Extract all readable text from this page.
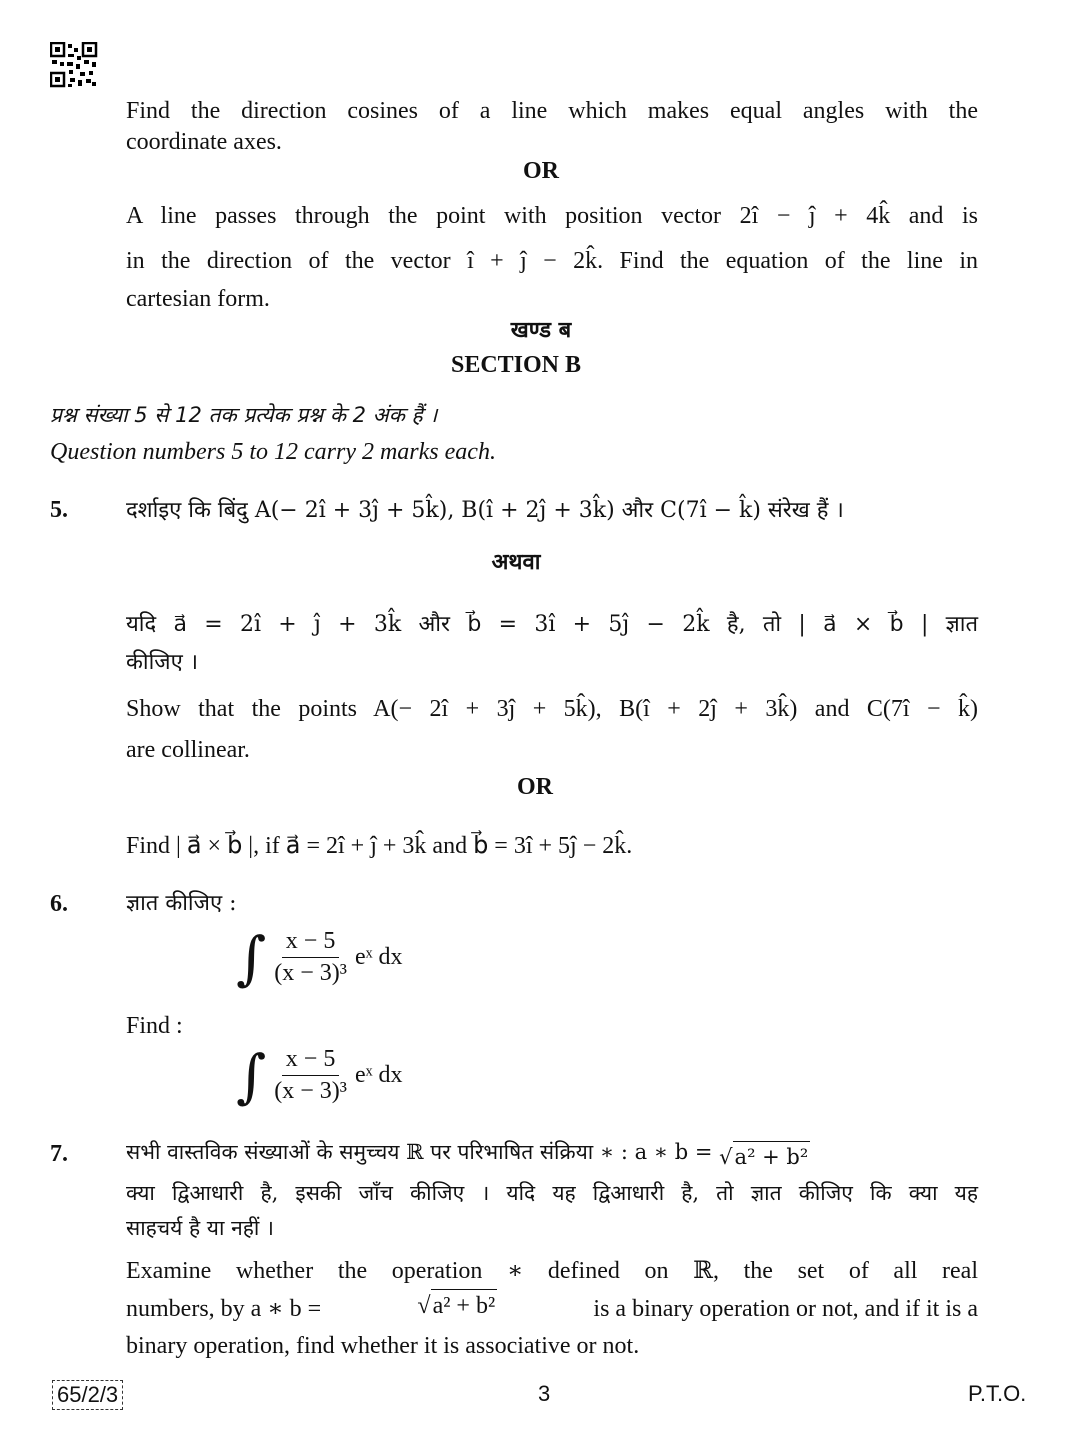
Find the direction cosines of a line which makes equal angles with the
coordinate axes.
OR
A line passes through the point with position vector 2î − ĵ + 4k̂ and is
in the direction of the vector î + ĵ − 2k̂. Find the equation of the line in
cartesian form.
खण्ड ब
SECTION B
प्रश्न संख्या 5 से 12 तक प्रत्येक प्रश्न के 2 अंक हैं ।
Question numbers 5 to 12 carry 2 marks each.
5.	दर्शाइए कि बिंदु A(− 2î + 3ĵ + 5k̂), B(î + 2ĵ + 3k̂) और C(7î − k̂) संरेख हैं ।
अथवा
यदि a⃗ = 2î + ĵ + 3k̂ और b⃗ = 3î + 5ĵ − 2k̂ है, तो | a⃗ × b⃗ | ज्ञात
कीजिए ।
Show that the points A(− 2î + 3ĵ + 5k̂), B(î + 2ĵ + 3k̂) and C(7î − k̂)
are collinear.
OR
Find | a⃗ × b⃗ |, if a⃗ = 2î + ĵ + 3k̂ and b⃗ = 3î + 5ĵ − 2k̂.
6.	ज्ञात कीजिए :
∫ $\frac{x - 5}{\text{(x − 3)³}}$ eˣ dx
Find :
∫ $\frac{x - 5}{\text{(x − 3)³}}$ eˣ dx
7.	सभी वास्तविक संख्याओं के समुच्चय ℝ पर परिभाषित संक्रिया ∗ : a ∗ b = √a² + b²
क्या द्विआधारी है, इसकी जाँच कीजिए । यदि यह द्विआधारी है, तो ज्ञात कीजिए कि क्या यह
साहचर्य है या नहीं ।
Examine whether the operation ∗ defined on ℝ, the set of all real
numbers, by a ∗ b =	√a² + b²	is a binary operation or not, and if it is a
binary operation, find whether it is associative or not.
65/2/3	3	P.T.O.
